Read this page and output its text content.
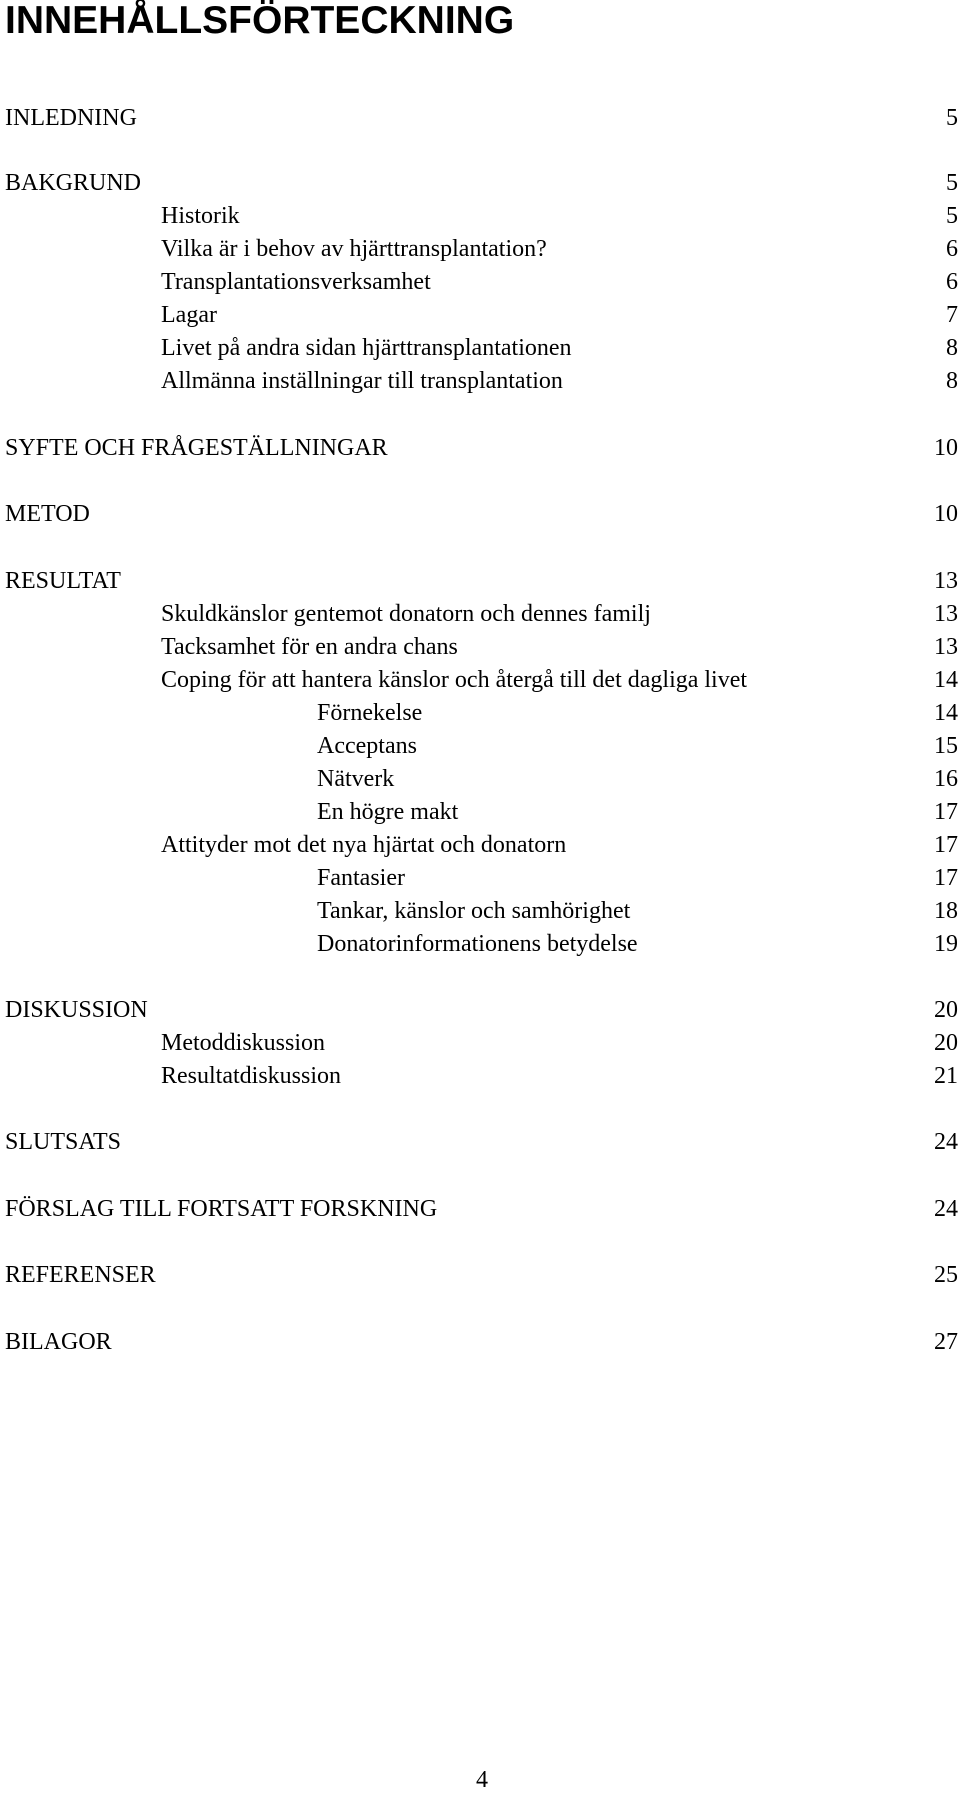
INNEHÅLLSFÖRTECKNING
INLEDNING	5
BAKGRUND	5
Historik	5
Vilka är i behov av hjärttransplantation?	6
Transplantationsverksamhet	6
Lagar	7
Livet på andra sidan hjärttransplantationen	8
Allmänna inställningar till transplantation	8
SYFTE OCH FRÅGESTÄLLNINGAR	10
METOD	10
RESULTAT	13
Skuldkänslor gentemot donatorn och dennes familj	13
Tacksamhet för en andra chans	13
Coping för att hantera känslor och återgå till det dagliga livet	14
Förnekelse	14
Acceptans	15
Nätverk	16
En högre makt	17
Attityder mot det nya hjärtat och donatorn	17
Fantasier	17
Tankar, känslor och samhörighet	18
Donatorinformationens betydelse	19
DISKUSSION	20
Metoddiskussion	20
Resultatdiskussion	21
SLUTSATS	24
FÖRSLAG TILL FORTSATT FORSKNING	24
REFERENSER	25
BILAGOR	27
4
